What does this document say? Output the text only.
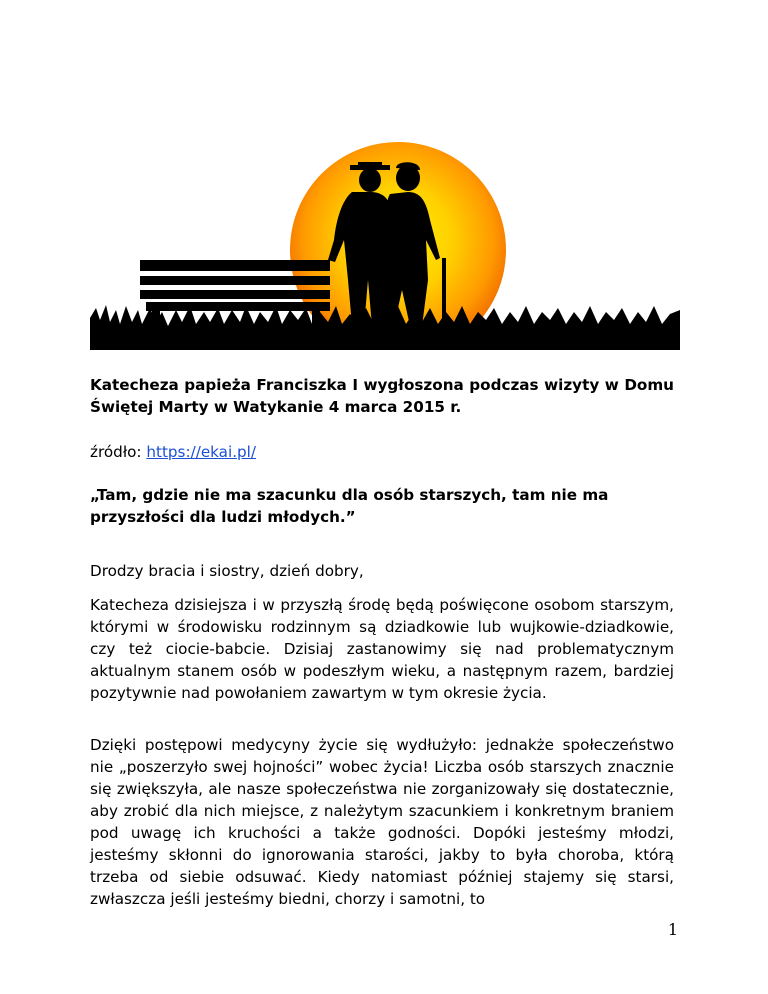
Katecheza papieża Franciszka I wygłoszona podczas wizyty w Domu Świętej Marty w Watykanie 4 marca 2015 r.
źródło: https://ekai.pl/
„Tam, gdzie nie ma szacunku dla osób starszych, tam nie ma przyszłości dla ludzi młodych.”
Drodzy bracia i siostry, dzień dobry,
Katecheza dzisiejsza i w przyszłą środę będą poświęcone osobom starszym, którymi w środowisku rodzinnym są dziadkowie lub wujkowie-dziadkowie, czy też ciocie-babcie. Dzisiaj zastanowimy się nad problematycznym aktualnym stanem osób w podeszłym wieku, a następnym razem, bardziej pozytywnie nad powołaniem zawartym w tym okresie życia.
Dzięki postępowi medycyny życie się wydłużyło: jednakże społeczeństwo nie „poszerzyło swej hojności” wobec życia! Liczba osób starszych znacznie się zwiększyła, ale nasze społeczeństwa nie zorganizowały się dostatecznie, aby zrobić dla nich miejsce, z należytym szacunkiem i konkretnym braniem pod uwagę ich kruchości a także godności. Dopóki jesteśmy młodzi, jesteśmy skłonni do ignorowania starości, jakby to była choroba, którą trzeba od siebie odsuwać. Kiedy natomiast później stajemy się starsi, zwłaszcza jeśli jesteśmy biedni, chorzy i samotni, to
1
